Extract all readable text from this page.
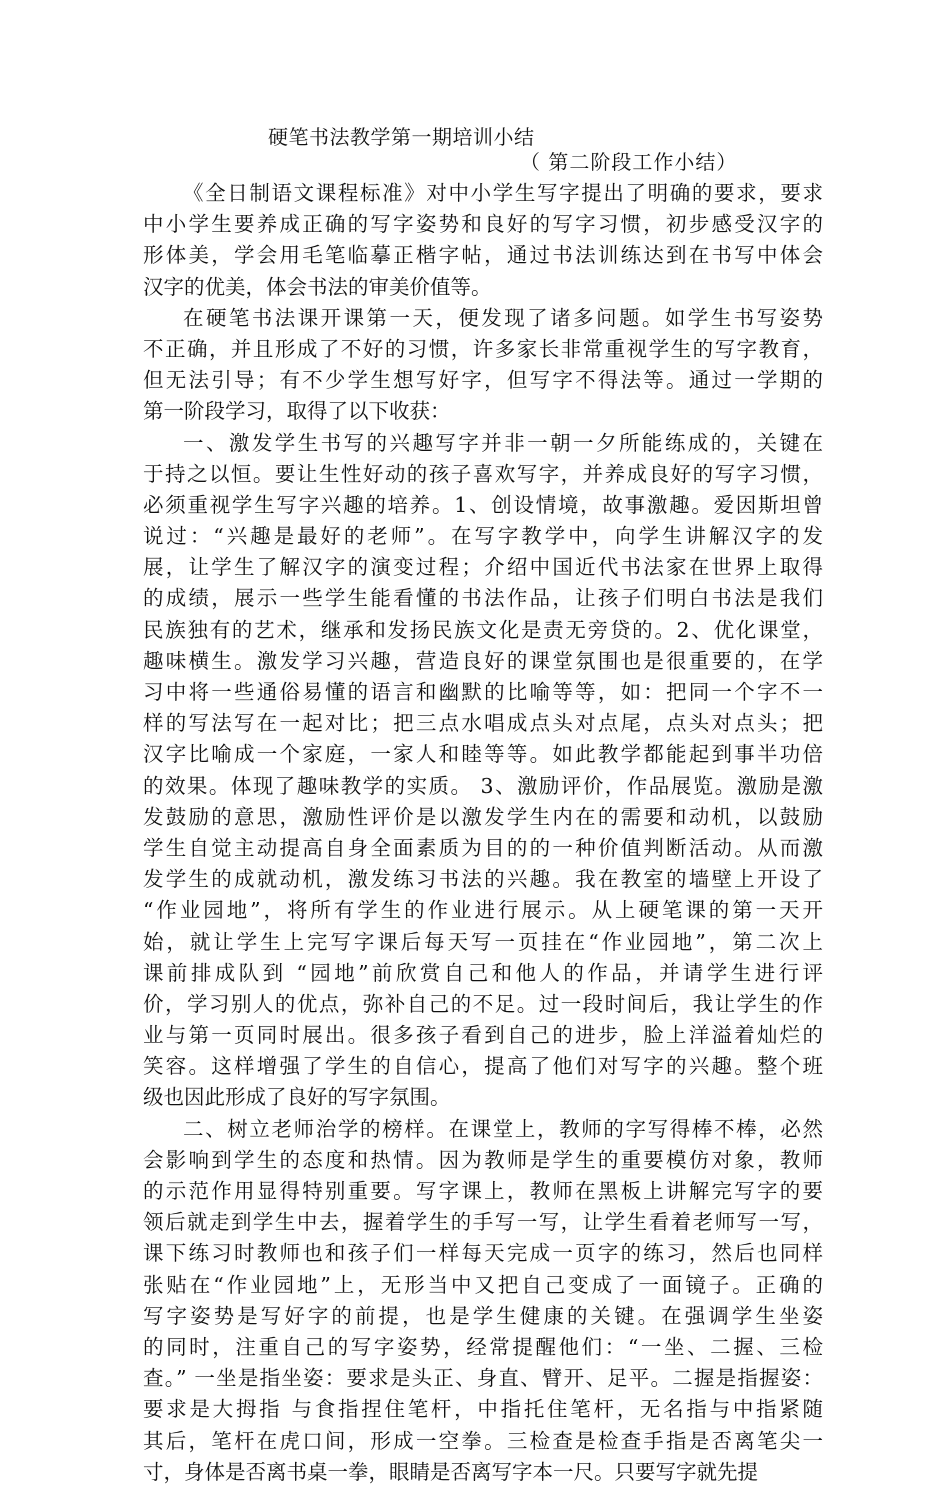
硬笔书法教学第一期培训小结
（ 第二阶段工作小结）
《全日制语文课程标准》对中小学生写字提出了明确的要求，要求
中小学生要养成正确的写字姿势和良好的写字习惯，初步感受汉字的
形体美，学会用毛笔临摹正楷字帖，通过书法训练达到在书写中体会
汉字的优美，体会书法的审美价值等。
在硬笔书法课开课第一天，便发现了诸多问题。如学生书写姿势
不正确，并且形成了不好的习惯，许多家长非常重视学生的写字教育，
但无法引导；有不少学生想写好字，但写字不得法等。通过一学期的
第一阶段学习，取得了以下收获：
一、激发学生书写的兴趣写字并非一朝一夕所能练成的，关键在
于持之以恒。要让生性好动的孩子喜欢写字，并养成良好的写字习惯，
必须重视学生写字兴趣的培养。1、创设情境，故事激趣。爱因斯坦曾
说过：“兴趣是最好的老师”。在写字教学中，向学生讲解汉字的发
展，让学生了解汉字的演变过程；介绍中国近代书法家在世界上取得
的成绩，展示一些学生能看懂的书法作品，让孩子们明白书法是我们
民族独有的艺术，继承和发扬民族文化是责无旁贷的。2、优化课堂，
趣味横生。激发学习兴趣，营造良好的课堂氛围也是很重要的，在学
习中将一些通俗易懂的语言和幽默的比喻等等，如：把同一个字不一
样的写法写在一起对比；把三点水唱成点头对点尾，点头对点头；把
汉字比喻成一个家庭，一家人和睦等等。如此教学都能起到事半功倍
的效果。体现了趣味教学的实质。 3、激励评价，作品展览。激励是激
发鼓励的意思，激励性评价是以激发学生内在的需要和动机，以鼓励
学生自觉主动提高自身全面素质为目的的一种价值判断活动。从而激
发学生的成就动机，激发练习书法的兴趣。我在教室的墙壁上开设了
“作业园地”，将所有学生的作业进行展示。从上硬笔课的第一天开
始，就让学生上完写字课后每天写一页挂在“作业园地”，第二次上
课前排成队到 “园地”前欣赏自己和他人的作品，并请学生进行评
价，学习别人的优点，弥补自己的不足。过一段时间后，我让学生的作
业与第一页同时展出。很多孩子看到自己的进步，脸上洋溢着灿烂的
笑容。这样增强了学生的自信心，提高了他们对写字的兴趣。整个班
级也因此形成了良好的写字氛围。
二、树立老师治学的榜样。在课堂上，教师的字写得棒不棒，必然
会影响到学生的态度和热情。因为教师是学生的重要模仿对象，教师
的示范作用显得特别重要。写字课上，教师在黑板上讲解完写字的要
领后就走到学生中去，握着学生的手写一写，让学生看着老师写一写，
课下练习时教师也和孩子们一样每天完成一页字的练习，然后也同样
张贴在“作业园地”上，无形当中又把自己变成了一面镜子。正确的
写字姿势是写好字的前提，也是学生健康的关键。在强调学生坐姿
的同时，注重自己的写字姿势，经常提醒他们：“一坐、二握、三检
查。” 一坐是指坐姿：要求是头正、身直、臂开、足平。二握是指握姿：
要求是大拇指 与食指捏住笔杆，中指托住笔杆，无名指与中指紧随
其后，笔杆在虎口间，形成一空拳。三检查是检查手指是否离笔尖一
寸，身体是否离书桌一拳，眼睛是否离写字本一尺。只要写字就先提
